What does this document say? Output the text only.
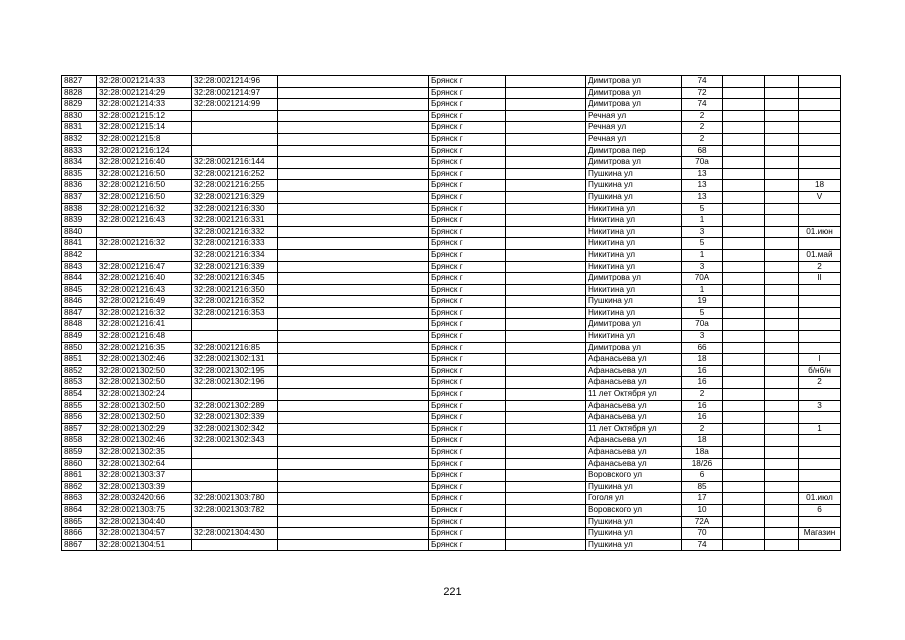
8827	32:28:0021214:33	32:28:0021214:96		Брянск г		Димитрова ул	74			
8828	32:28:0021214:29	32:28:0021214:97		Брянск г		Димитрова ул	72			
8829	32:28:0021214:33	32:28:0021214:99		Брянск г		Димитрова ул	74			
8830	32:28:0021215:12			Брянск г		Речная ул	2			
8831	32:28:0021215:14			Брянск г		Речная ул	2			
8832	32:28:0021215:8			Брянск г		Речная ул	2			
8833	32:28:0021216:124			Брянск г		Димитрова пер	68			
8834	32:28:0021216:40	32:28:0021216:144		Брянск г		Димитрова ул	70а			
8835	32:28:0021216:50	32:28:0021216:252		Брянск г		Пушкина ул	13			
8836	32:28:0021216:50	32:28:0021216:255		Брянск г		Пушкина ул	13			18
8837	32:28:0021216:50	32:28:0021216:329		Брянск г		Пушкина ул	13			V
8838	32:28:0021216:32	32:28:0021216:330		Брянск г		Никитина ул	5			
8839	32:28:0021216:43	32:28:0021216:331		Брянск г		Никитина ул	1			
8840		32:28:0021216:332		Брянск г		Никитина ул	3			01.июн
8841	32:28:0021216:32	32:28:0021216:333		Брянск г		Никитина ул	5			
8842		32:28:0021216:334		Брянск г		Никитина ул	1			01.май
8843	32:28:0021216:47	32:28:0021216:339		Брянск г		Никитина ул	3			2
8844	32:28:0021216:40	32:28:0021216:345		Брянск г		Димитрова ул	70А			II
8845	32:28:0021216:43	32:28:0021216:350		Брянск г		Никитина ул	1			
8846	32:28:0021216:49	32:28:0021216:352		Брянск г		Пушкина ул	19			
8847	32:28:0021216:32	32:28:0021216:353		Брянск г		Никитина ул	5			
8848	32:28:0021216:41			Брянск г		Димитрова ул	70а			
8849	32:28:0021216:48			Брянск г		Никитина ул	3			
8850	32:28:0021216:35	32:28:0021216:85		Брянск г		Димитрова ул	66			
8851	32:28:0021302:46	32:28:0021302:131		Брянск г		Афанасьева ул	18			I
8852	32:28:0021302:50	32:28:0021302:195		Брянск г		Афанасьева ул	16			б/н6/н
8853	32:28:0021302:50	32:28:0021302:196		Брянск г		Афанасьева ул	16			2
8854	32:28:0021302:24			Брянск г		11 лет Октября ул	2			
8855	32:28:0021302:50	32:28:0021302:289		Брянск г		Афанасьева ул	16			3
8856	32:28:0021302:50	32:28:0021302:339		Брянск г		Афанасьева ул	16			
8857	32:28:0021302:29	32:28:0021302:342		Брянск г		11 лет Октября ул	2			1
8858	32:28:0021302:46	32:28:0021302:343		Брянск г		Афанасьева ул	18			
8859	32:28:0021302:35			Брянск г		Афанасьева ул	18а			
8860	32:28:0021302:64			Брянск г		Афанасьева ул	18/26			
8861	32:28:0021303:37			Брянск г		Воровского ул	6			
8862	32:28:0021303:39			Брянск г		Пушкина ул	85			
8863	32:28:0032420:66	32:28:0021303:780		Брянск г		Гоголя ул	17			01.июл
8864	32:28:0021303:75	32:28:0021303:782		Брянск г		Воровского ул	10			6
8865	32:28:0021304:40			Брянск г		Пушкина ул	72А			
8866	32:28:0021304:57	32:28:0021304:430		Брянск г		Пушкина ул	70			Магазин
8867	32:28:0021304:51			Брянск г		Пушкина ул	74			
221
